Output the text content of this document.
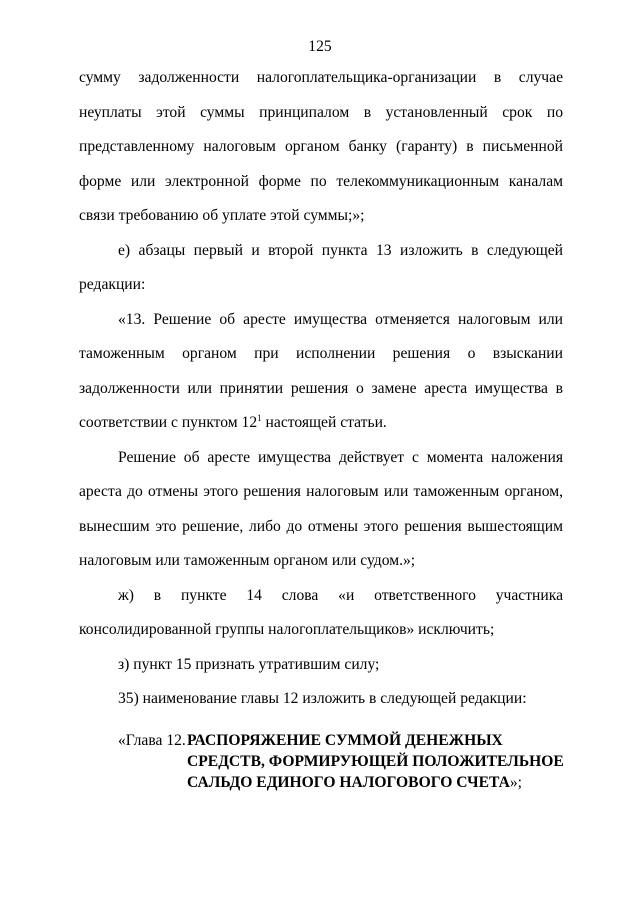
125

сумму задолженности налогоплательщика-организации в случае неуплаты этой суммы принципалом в установленный срок по представленному налоговым органом банку (гаранту) в письменной форме или электронной форме по телекоммуникационным каналам связи требованию об уплате этой суммы;»;

е) абзацы первый и второй пункта 13 изложить в следующей редакции:

«13. Решение об аресте имущества отменяется налоговым или таможенным органом при исполнении решения о взыскании задолженности или принятии решения о замене ареста имущества в соответствии с пунктом $12^1$ настоящей статьи.

Решение об аресте имущества действует с момента наложения ареста до отмены этого решения налоговым или таможенным органом, вынесшим это решение, либо до отмены этого решения вышестоящим налоговым или таможенным органом или судом.»;

ж) в пункте 14 слова «и ответственного участника консолидированной группы налогоплательщиков» исключить;

з) пункт 15 признать утратившим силу;

35) наименование главы 12 изложить в следующей редакции:

«Глава 12. РАСПОРЯЖЕНИЕ СУММОЙ ДЕНЕЖНЫХ СРЕДСТВ, ФОРМИРУЮЩЕЙ ПОЛОЖИТЕЛЬНОЕ САЛЬДО ЕДИНОГО НАЛОГОВОГО СЧЕТА»;
